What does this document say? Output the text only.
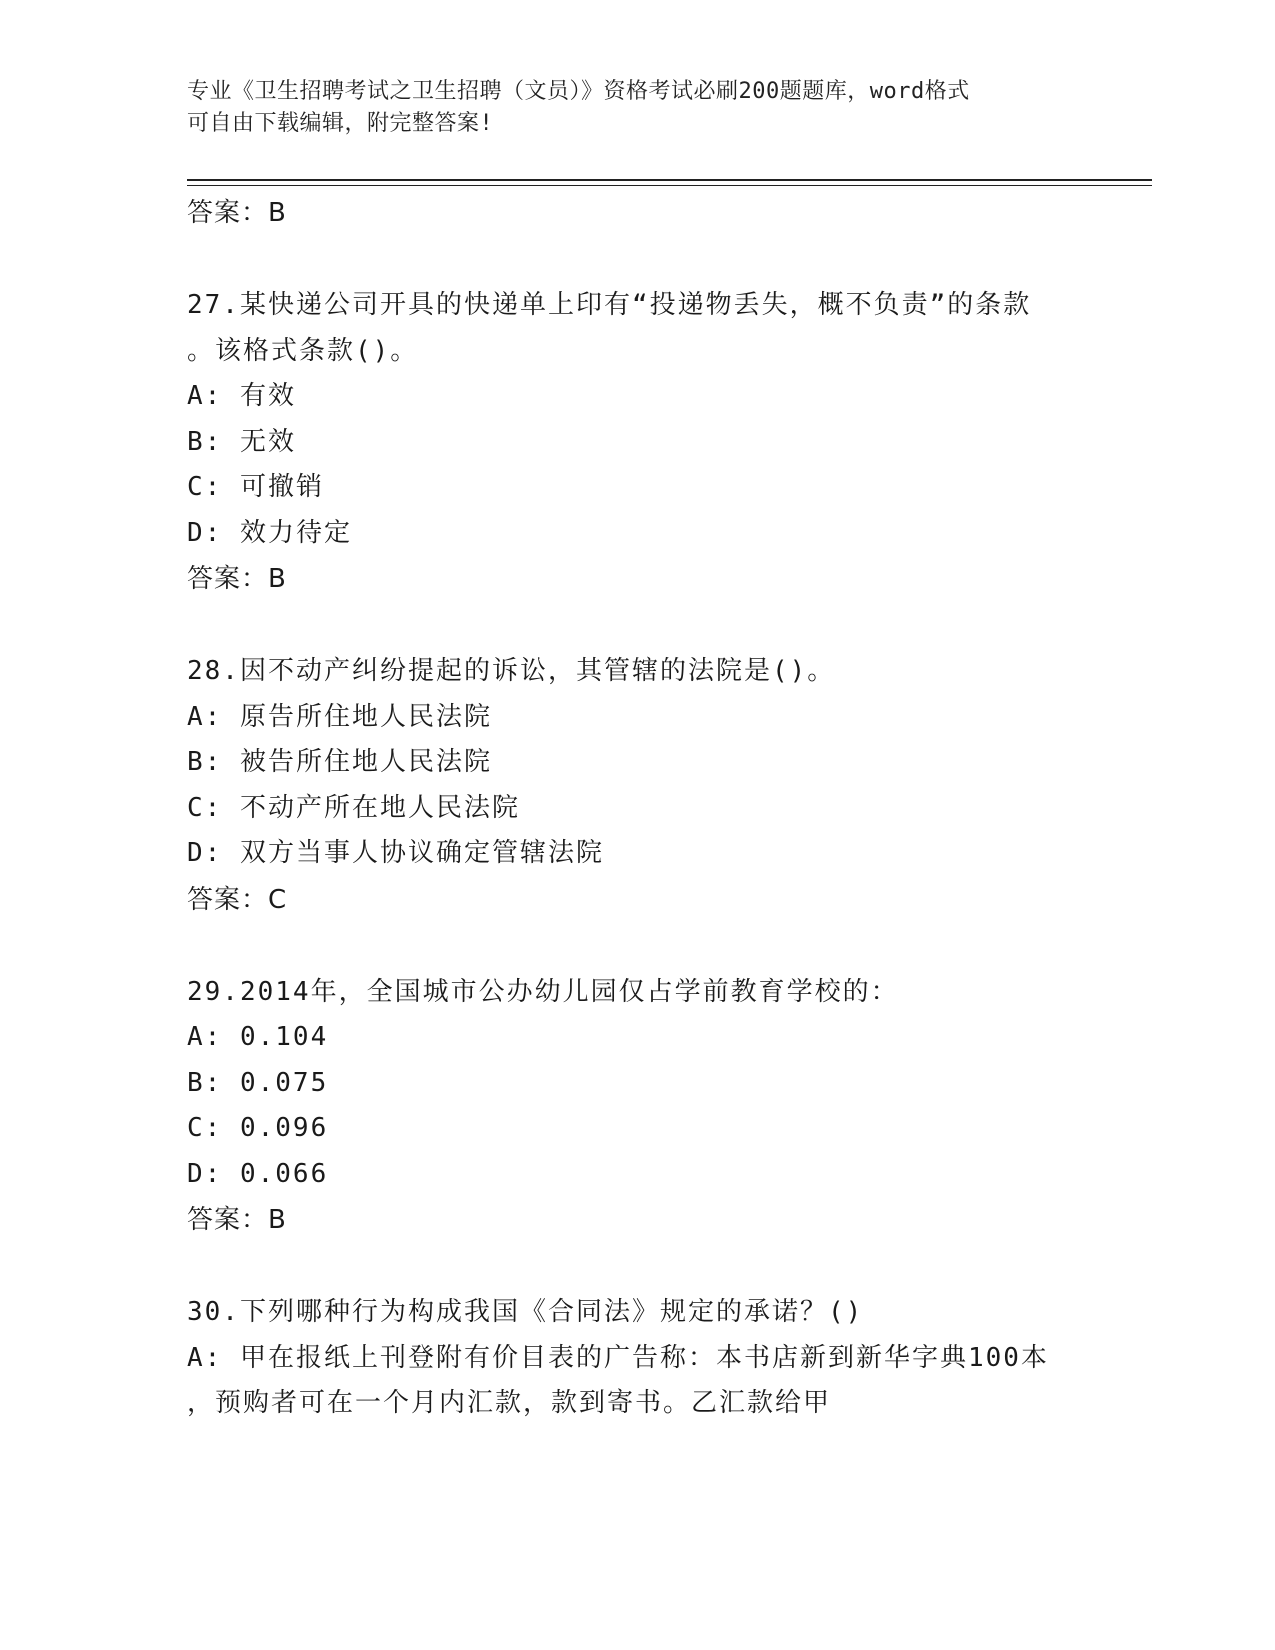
专业《卫生招聘考试之卫生招聘（文员）》资格考试必刷200题题库，word格式
可自由下载编辑，附完整答案!
答案：B
27.某快递公司开具的快递单上印有“投递物丢失，概不负责”的条款
。该格式条款()。
A: 有效
B: 无效
C: 可撤销
D: 效力待定
答案：B
28.因不动产纠纷提起的诉讼，其管辖的法院是()。
A: 原告所住地人民法院
B: 被告所住地人民法院
C: 不动产所在地人民法院
D: 双方当事人协议确定管辖法院
答案：C
29.2014年，全国城市公办幼儿园仅占学前教育学校的：
A: 0.104
B: 0.075
C: 0.096
D: 0.066
答案：B
30.下列哪种行为构成我国《合同法》规定的承诺？()
A: 甲在报纸上刊登附有价目表的广告称：本书店新到新华字典100本
，预购者可在一个月内汇款，款到寄书。乙汇款给甲
